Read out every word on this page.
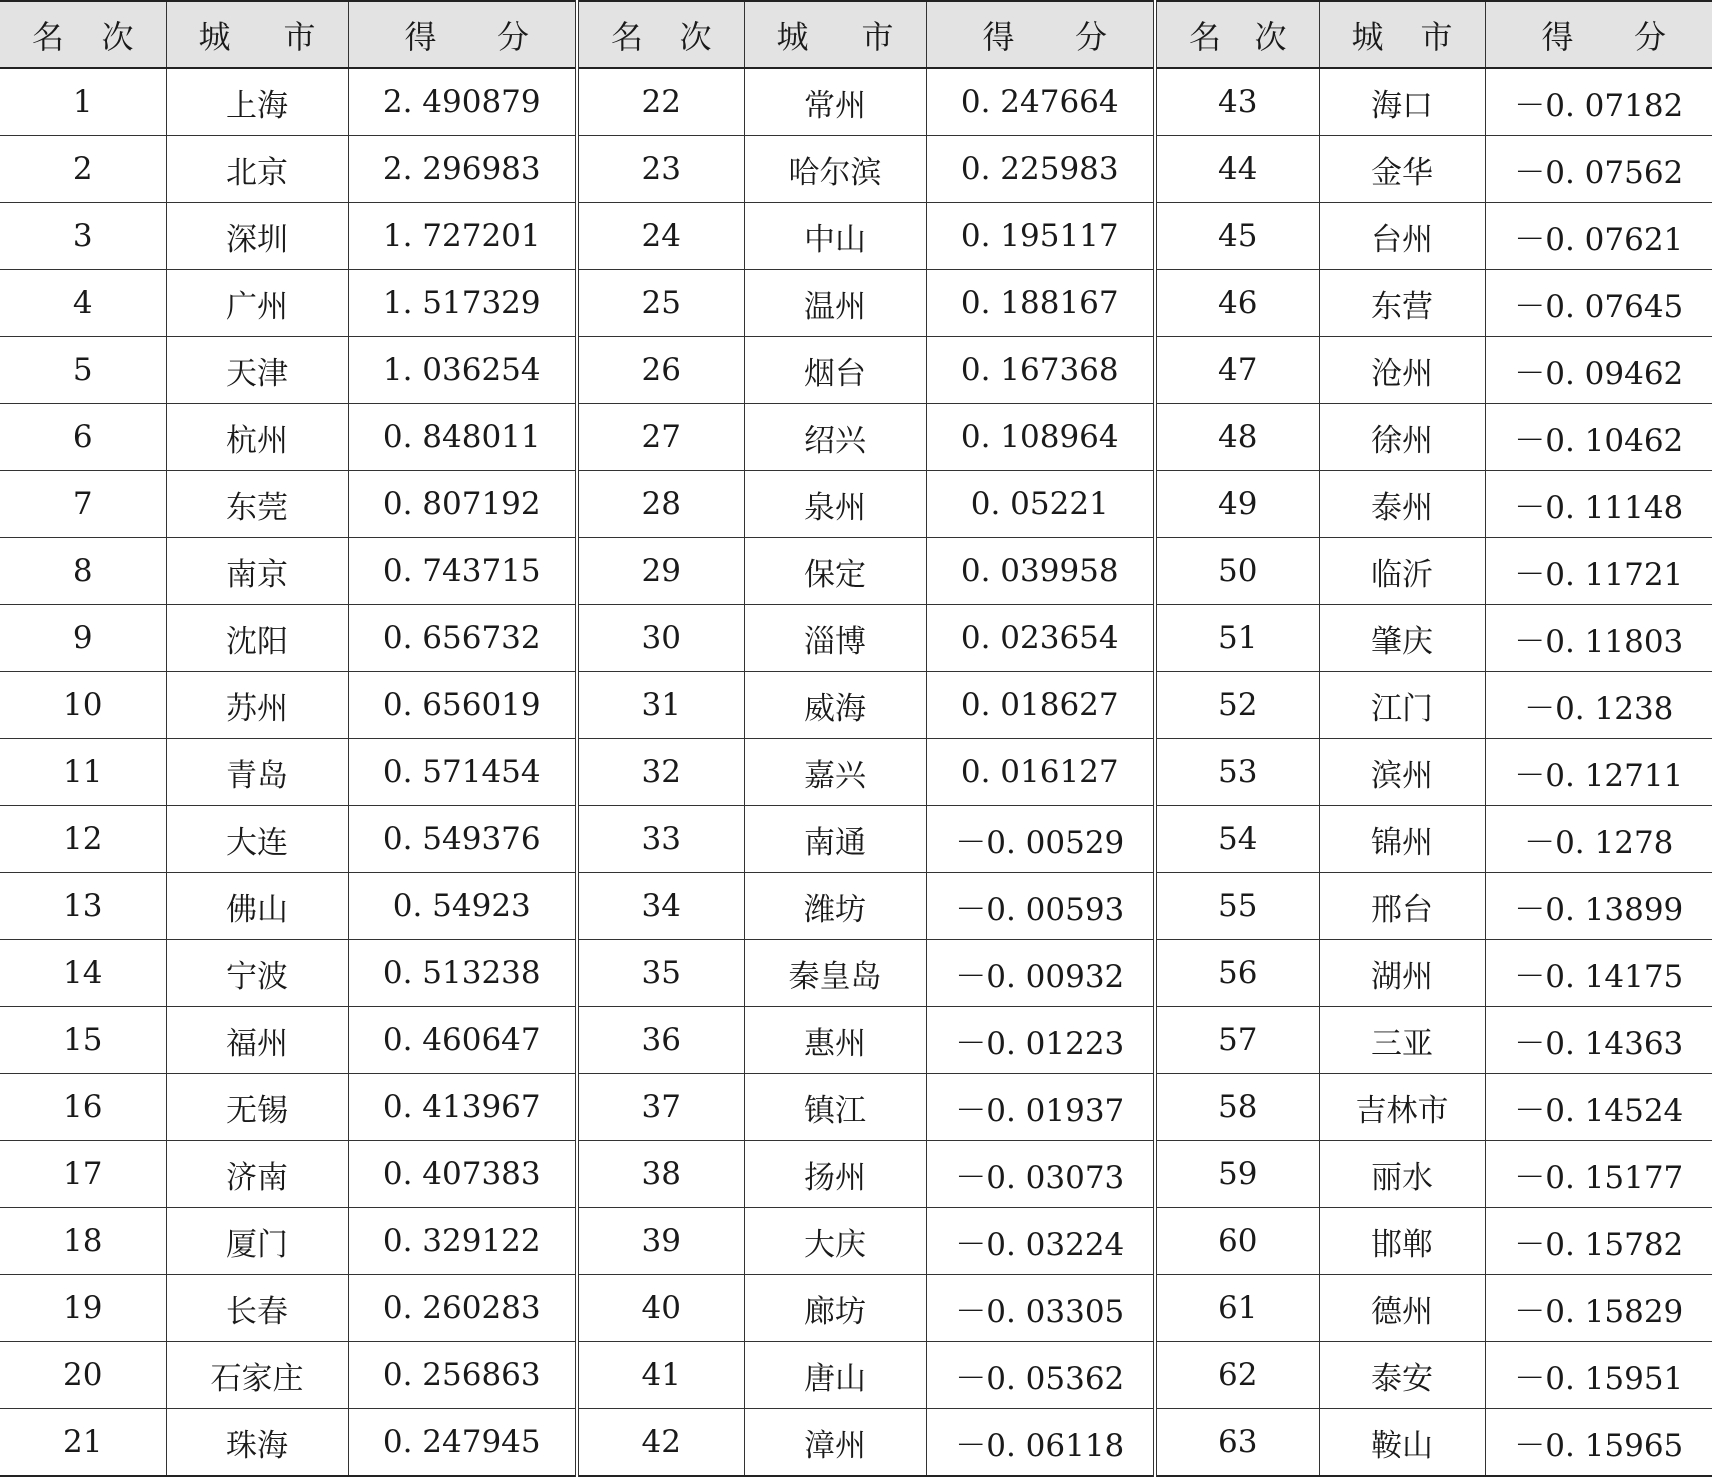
名 次	城 市	得 分	名 次	城 市	得 分	名 次	城 市	得 分

1	上海	2. 490879	22	常州	0. 247664	43	海口	－0. 07182
2	北京	2. 296983	23	哈尔滨	0. 225983	44	金华	－0. 07562
3	深圳	1. 727201	24	中山	0. 195117	45	台州	－0. 07621
4	广州	1. 517329	25	温州	0. 188167	46	东营	－0. 07645
5	天津	1. 036254	26	烟台	0. 167368	47	沧州	－0. 09462
6	杭州	0. 848011	27	绍兴	0. 108964	48	徐州	－0. 10462
7	东莞	0. 807192	28	泉州	0. 05221	49	泰州	－0. 11148
8	南京	0. 743715	29	保定	0. 039958	50	临沂	－0. 11721
9	沈阳	0. 656732	30	淄博	0. 023654	51	肇庆	－0. 11803
10	苏州	0. 656019	31	威海	0. 018627	52	江门	－0. 1238
11	青岛	0. 571454	32	嘉兴	0. 016127	53	滨州	－0. 12711
12	大连	0. 549376	33	南通	－0. 00529	54	锦州	－0. 1278
13	佛山	0. 54923	34	潍坊	－0. 00593	55	邢台	－0. 13899
14	宁波	0. 513238	35	秦皇岛	－0. 00932	56	湖州	－0. 14175
15	福州	0. 460647	36	惠州	－0. 01223	57	三亚	－0. 14363
16	无锡	0. 413967	37	镇江	－0. 01937	58	吉林市	－0. 14524
17	济南	0. 407383	38	扬州	－0. 03073	59	丽水	－0. 15177
18	厦门	0. 329122	39	大庆	－0. 03224	60	邯郸	－0. 15782
19	长春	0. 260283	40	廊坊	－0. 03305	61	德州	－0. 15829
20	石家庄	0. 256863	41	唐山	－0. 05362	62	泰安	－0. 15951
21	珠海	0. 247945	42	漳州	－0. 06118	63	鞍山	－0. 15965
